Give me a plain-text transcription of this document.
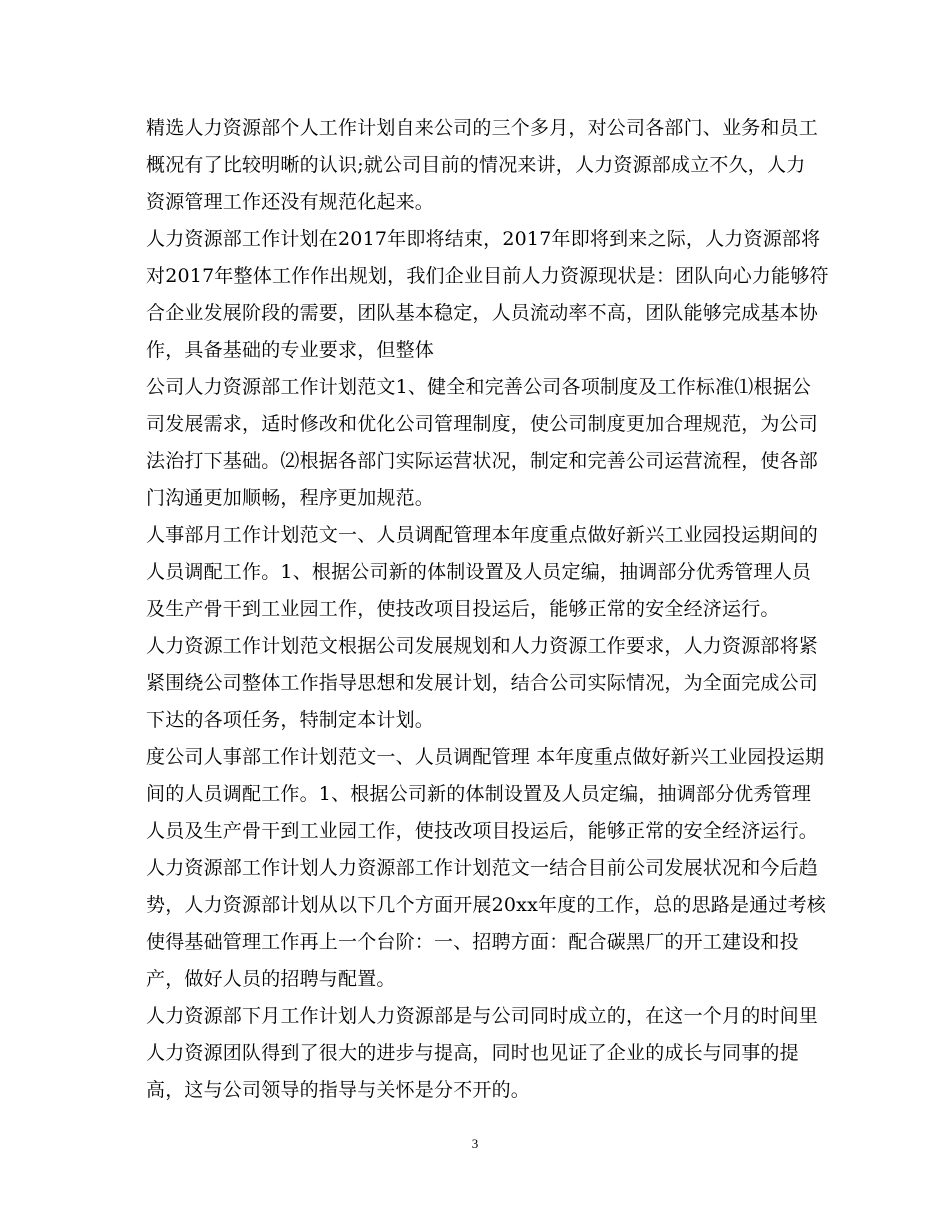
精选人力资源部个人工作计划自来公司的三个多月，对公司各部门、业务和员工
概况有了比较明晰的认识;就公司目前的情况来讲，人力资源部成立不久，人力
资源管理工作还没有规范化起来。
人力资源部工作计划在2017年即将结束，2017年即将到来之际，人力资源部将
对2017年整体工作作出规划，我们企业目前人力资源现状是：团队向心力能够符
合企业发展阶段的需要，团队基本稳定，人员流动率不高，团队能够完成基本协
作，具备基础的专业要求，但整体
公司人力资源部工作计划范文1、健全和完善公司各项制度及工作标准⑴根据公
司发展需求，适时修改和优化公司管理制度，使公司制度更加合理规范，为公司
法治打下基础。⑵根据各部门实际运营状况，制定和完善公司运营流程，使各部
门沟通更加顺畅，程序更加规范。
人事部月工作计划范文一、人员调配管理本年度重点做好新兴工业园投运期间的
人员调配工作。1、根据公司新的体制设置及人员定编，抽调部分优秀管理人员
及生产骨干到工业园工作，使技改项目投运后，能够正常的安全经济运行。
人力资源工作计划范文根据公司发展规划和人力资源工作要求，人力资源部将紧
紧围绕公司整体工作指导思想和发展计划，结合公司实际情况，为全面完成公司
下达的各项任务，特制定本计划。
度公司人事部工作计划范文一、人员调配管理 本年度重点做好新兴工业园投运期
间的人员调配工作。1、根据公司新的体制设置及人员定编，抽调部分优秀管理
人员及生产骨干到工业园工作，使技改项目投运后，能够正常的安全经济运行。
人力资源部工作计划人力资源部工作计划范文一结合目前公司发展状况和今后趋
势，人力资源部计划从以下几个方面开展20xx年度的工作，总的思路是通过考核
使得基础管理工作再上一个台阶：一、招聘方面：配合碳黑厂的开工建设和投
产，做好人员的招聘与配置。
人力资源部下月工作计划人力资源部是与公司同时成立的，在这一个月的时间里
人力资源团队得到了很大的进步与提高，同时也见证了企业的成长与同事的提
高，这与公司领导的指导与关怀是分不开的。
3
